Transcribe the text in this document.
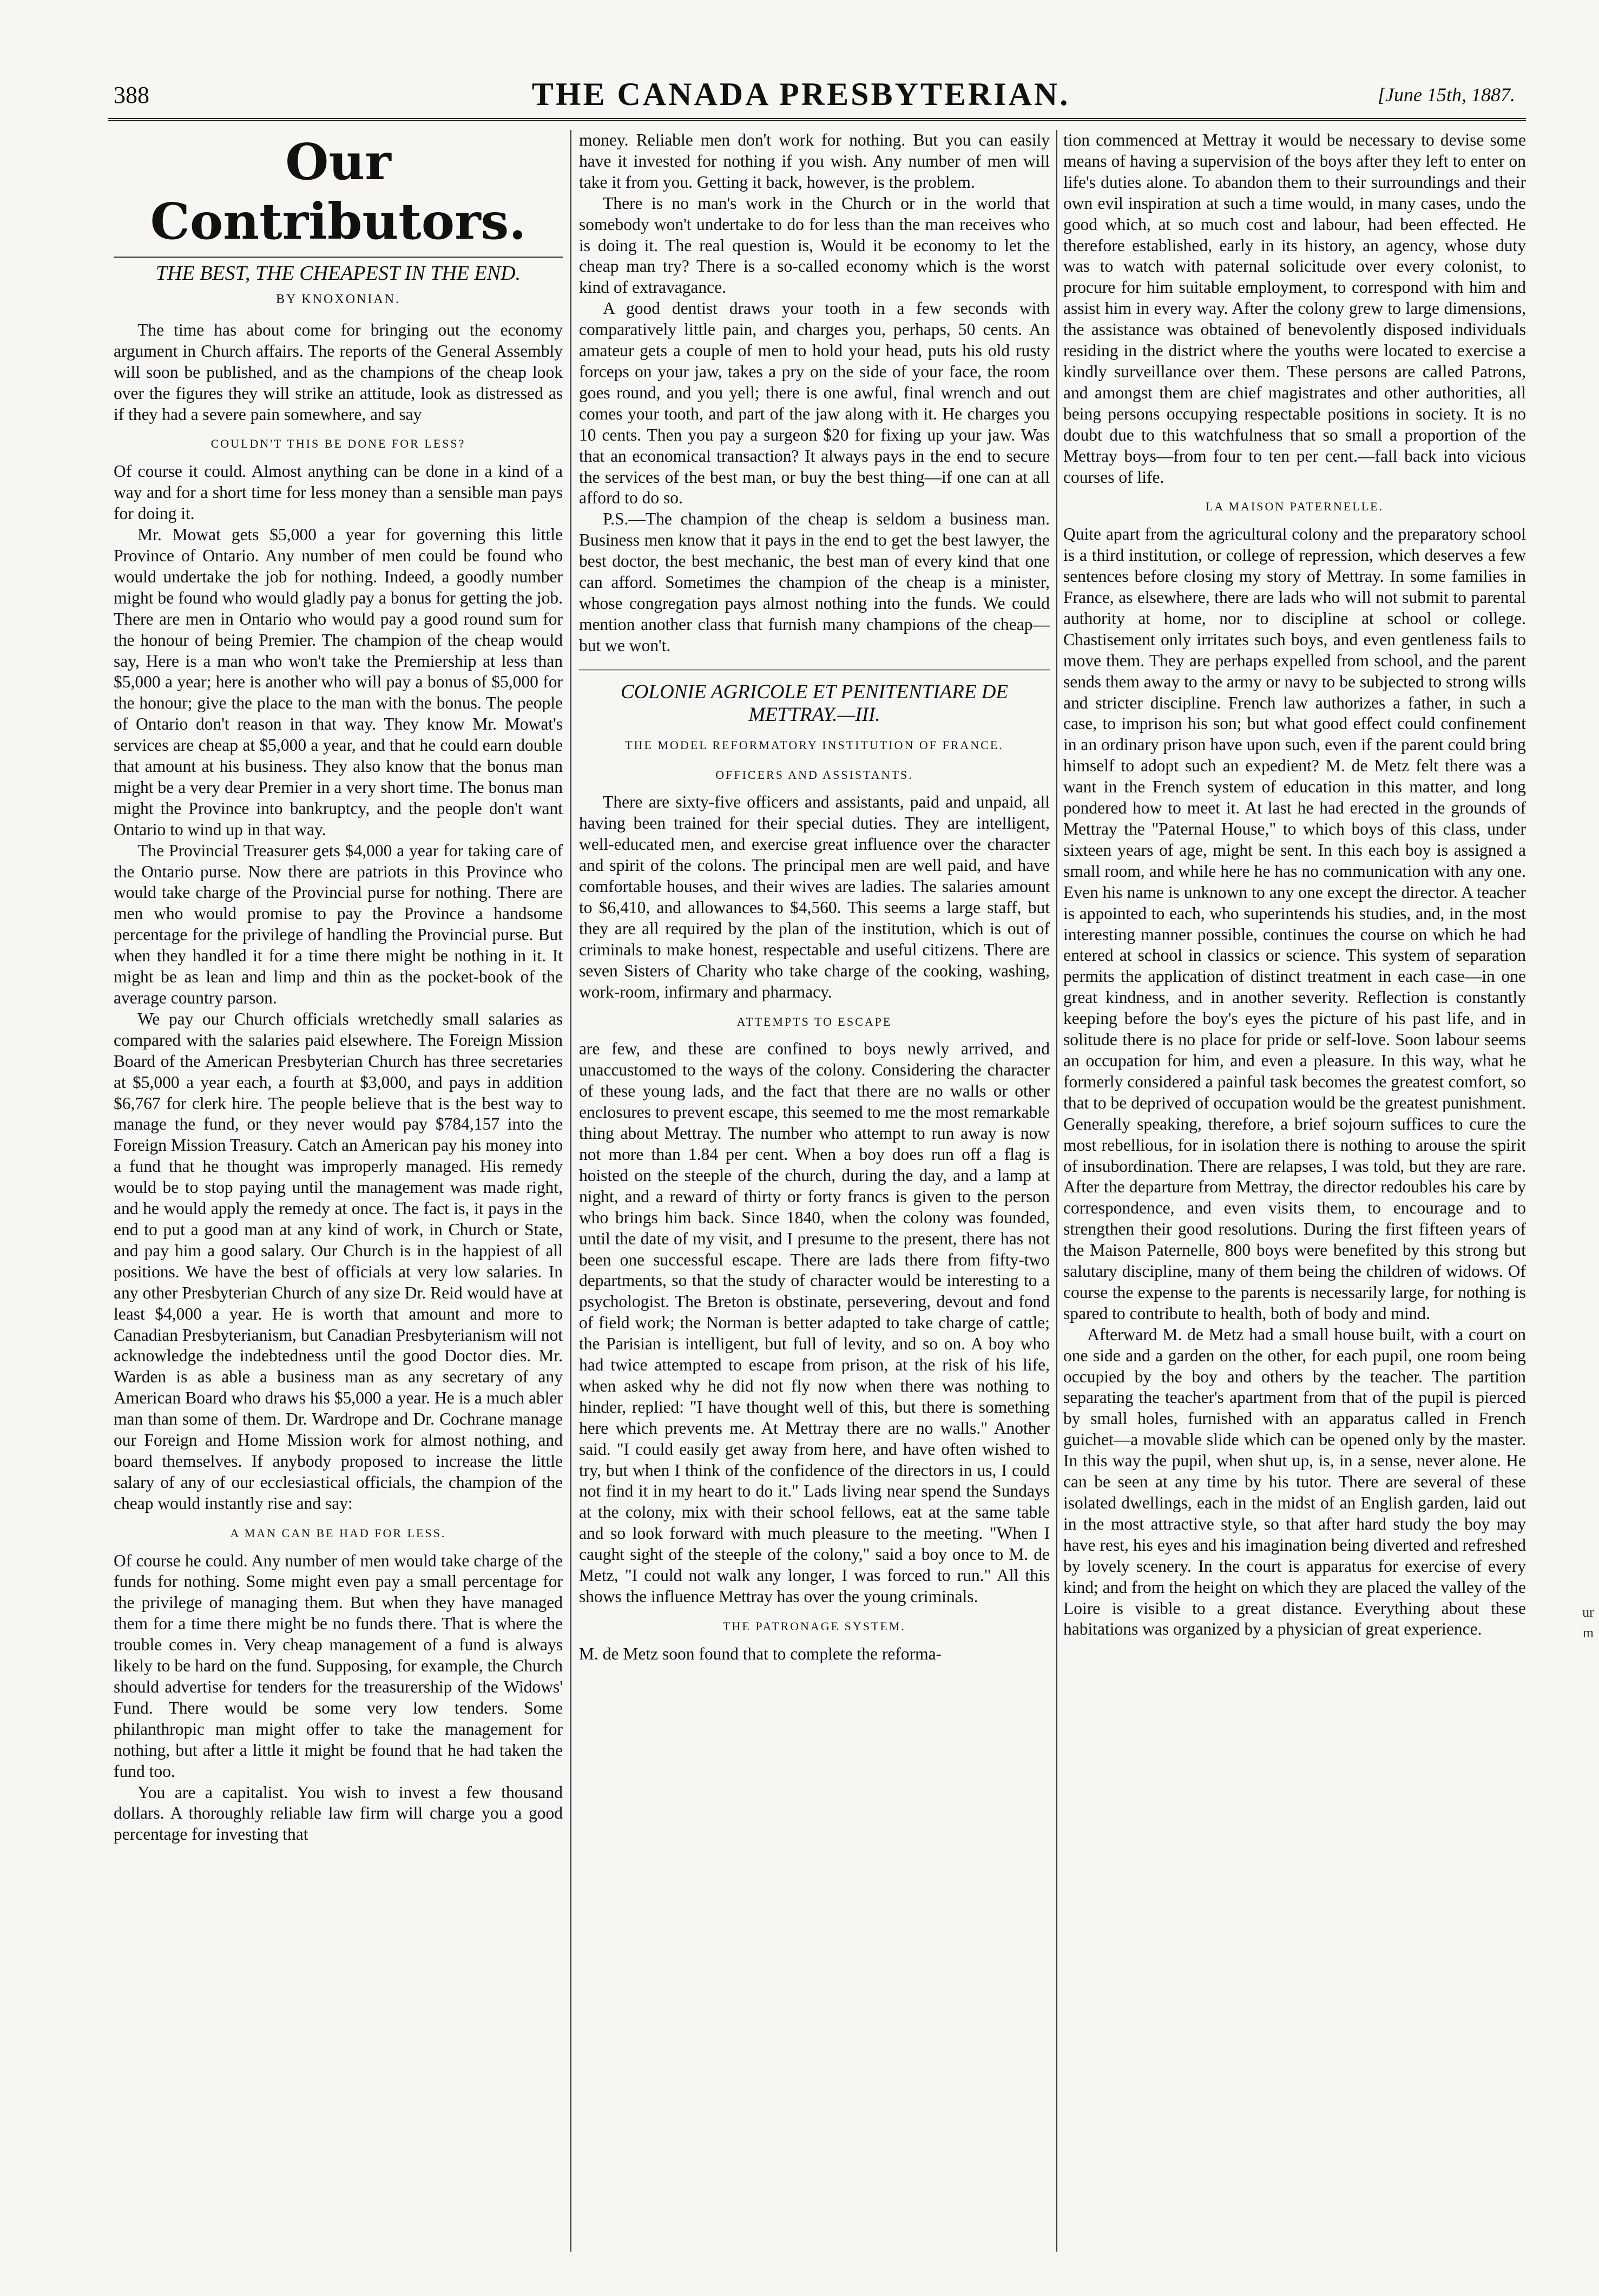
388	THE CANADA PRESBYTERIAN.	[June 15th, 1887.
Our Contributors.
THE BEST, THE CHEAPEST IN THE END.
BY KNOXONIAN.

The time has about come for bringing out the economy argument in Church affairs. The reports of the General Assembly will soon be published, and as the champions of the cheap look over the figures they will strike an attitude, look as distressed as if they had a severe pain somewhere, and say

COULDN'T THIS BE DONE FOR LESS?

Of course it could. Almost anything can be done in a kind of a way and for a short time for less money than a sensible man pays for doing it.

Mr. Mowat gets $5,000 a year for governing this little Province of Ontario. Any number of men could be found who would undertake the job for nothing. Indeed, a goodly number might be found who would gladly pay a bonus for getting the job. There are men in Ontario who would pay a good round sum for the honour of being Premier. The champion of the cheap would say, Here is a man who won't take the Premiership at less than $5,000 a year; here is another who will pay a bonus of $5,000 for the honour; give the place to the man with the bonus. The people of Ontario don't reason in that way. They know Mr. Mowat's services are cheap at $5,000 a year, and that he could earn double that amount at his business. They also know that the bonus man might be a very dear Premier in a very short time. The bonus man might the Province into bankruptcy, and the people don't want Ontario to wind up in that way.

The Provincial Treasurer gets $4,000 a year for taking care of the Ontario purse. Now there are patriots in this Province who would take charge of the Provincial purse for nothing. There are men who would promise to pay the Province a handsome percentage for the privilege of handling the Provincial purse. But when they handled it for a time there might be nothing in it. It might be as lean and limp and thin as the pocket-book of the average country parson.

We pay our Church officials wretchedly small salaries as compared with the salaries paid elsewhere. The Foreign Mission Board of the American Presbyterian Church has three secretaries at $5,000 a year each, a fourth at $3,000, and pays in addition $6,767 for clerk hire. The people believe that is the best way to manage the fund, or they never would pay $784,157 into the Foreign Mission Treasury. Catch an American pay his money into a fund that he thought was improperly managed. His remedy would be to stop paying until the management was made right, and he would apply the remedy at once. The fact is, it pays in the end to put a good man at any kind of work, in Church or State, and pay him a good salary. Our Church is in the happiest of all positions. We have the best of officials at very low salaries. In any other Presbyterian Church of any size Dr. Reid would have at least $4,000 a year. He is worth that amount and more to Canadian Presbyterianism, but Canadian Presbyterianism will not acknowledge the indebtedness until the good Doctor dies. Mr. Warden is as able a business man as any secretary of any American Board who draws his $5,000 a year. He is a much abler man than some of them. Dr. Wardrope and Dr. Cochrane manage our Foreign and Home Mission work for almost nothing, and board themselves. If anybody proposed to increase the little salary of any of our ecclesiastical officials, the champion of the cheap would instantly rise and say:

A MAN CAN BE HAD FOR LESS.

Of course he could. Any number of men would take charge of the funds for nothing. Some might even pay a small percentage for the privilege of managing them. But when they have managed them for a time there might be no funds there. That is where the trouble comes in. Very cheap management of a fund is always likely to be hard on the fund. Supposing, for example, the Church should advertise for tenders for the treasurership of the Widows' Fund. There would be some very low tenders. Some philanthropic man might offer to take the management for nothing, but after a little it might be found that he had taken the fund too.

You are a capitalist. You wish to invest a few thousand dollars. A thoroughly reliable law firm will charge you a good percentage for investing that

money. Reliable men don't work for nothing. But you can easily have it invested for nothing if you wish. Any number of men will take it from you. Getting it back, however, is the problem.

There is no man's work in the Church or in the world that somebody won't undertake to do for less than the man receives who is doing it. The real question is, Would it be economy to let the cheap man try? There is a so-called economy which is the worst kind of extravagance.

A good dentist draws your tooth in a few seconds with comparatively little pain, and charges you, perhaps, 50 cents. An amateur gets a couple of men to hold your head, puts his old rusty forceps on your jaw, takes a pry on the side of your face, the room goes round, and you yell; there is one awful, final wrench and out comes your tooth, and part of the jaw along with it. He charges you 10 cents. Then you pay a surgeon $20 for fixing up your jaw. Was that an economical transaction? It always pays in the end to secure the services of the best man, or buy the best thing—if one can at all afford to do so.

P.S.—The champion of the cheap is seldom a business man. Business men know that it pays in the end to get the best lawyer, the best doctor, the best mechanic, the best man of every kind that one can afford. Sometimes the champion of the cheap is a minister, whose congregation pays almost nothing into the funds. We could mention another class that furnish many champions of the cheap—but we won't.

COLONIE AGRICOLE ET PENITENTIARE DE METTRAY.—III.
THE MODEL REFORMATORY INSTITUTION OF FRANCE.
OFFICERS AND ASSISTANTS.

There are sixty-five officers and assistants, paid and unpaid, all having been trained for their special duties. They are intelligent, well-educated men, and exercise great influence over the character and spirit of the colons. The principal men are well paid, and have comfortable houses, and their wives are ladies. The salaries amount to $6,410, and allowances to $4,560. This seems a large staff, but they are all required by the plan of the institution, which is out of criminals to make honest, respectable and useful citizens. There are seven Sisters of Charity who take charge of the cooking, washing, work-room, infirmary and pharmacy.

ATTEMPTS TO ESCAPE

are few, and these are confined to boys newly arrived, and unaccustomed to the ways of the colony. Considering the character of these young lads, and the fact that there are no walls or other enclosures to prevent escape, this seemed to me the most remarkable thing about Mettray. The number who attempt to run away is now not more than 1.84 per cent. When a boy does run off a flag is hoisted on the steeple of the church, during the day, and a lamp at night, and a reward of thirty or forty francs is given to the person who brings him back. Since 1840, when the colony was founded, until the date of my visit, and I presume to the present, there has not been one successful escape. There are lads there from fifty-two departments, so that the study of character would be interesting to a psychologist. The Breton is obstinate, persevering, devout and fond of field work; the Norman is better adapted to take charge of cattle; the Parisian is intelligent, but full of levity, and so on. A boy who had twice attempted to escape from prison, at the risk of his life, when asked why he did not fly now when there was nothing to hinder, replied: "I have thought well of this, but there is something here which prevents me. At Mettray there are no walls." Another said. "I could easily get away from here, and have often wished to try, but when I think of the confidence of the directors in us, I could not find it in my heart to do it." Lads living near spend the Sundays at the colony, mix with their school fellows, eat at the same table and so look forward with much pleasure to the meeting. "When I caught sight of the steeple of the colony," said a boy once to M. de Metz, "I could not walk any longer, I was forced to run." All this shows the influence Mettray has over the young criminals.

THE PATRONAGE SYSTEM.

M. de Metz soon found that to complete the reforma-

tion commenced at Mettray it would be necessary to devise some means of having a supervision of the boys after they left to enter on life's duties alone. To abandon them to their surroundings and their own evil inspiration at such a time would, in many cases, undo the good which, at so much cost and labour, had been effected. He therefore established, early in its history, an agency, whose duty was to watch with paternal solicitude over every colonist, to procure for him suitable employment, to correspond with him and assist him in every way. After the colony grew to large dimensions, the assistance was obtained of benevolently disposed individuals residing in the district where the youths were located to exercise a kindly surveillance over them. These persons are called Patrons, and amongst them are chief magistrates and other authorities, all being persons occupying respectable positions in society. It is no doubt due to this watchfulness that so small a proportion of the Mettray boys—from four to ten per cent.—fall back into vicious courses of life.

LA MAISON PATERNELLE.

Quite apart from the agricultural colony and the preparatory school is a third institution, or college of repression, which deserves a few sentences before closing my story of Mettray. In some families in France, as elsewhere, there are lads who will not submit to parental authority at home, nor to discipline at school or college. Chastisement only irritates such boys, and even gentleness fails to move them. They are perhaps expelled from school, and the parent sends them away to the army or navy to be subjected to strong wills and stricter discipline. French law authorizes a father, in such a case, to imprison his son; but what good effect could confinement in an ordinary prison have upon such, even if the parent could bring himself to adopt such an expedient? M. de Metz felt there was a want in the French system of education in this matter, and long pondered how to meet it. At last he had erected in the grounds of Mettray the "Paternal House," to which boys of this class, under sixteen years of age, might be sent. In this each boy is assigned a small room, and while here he has no communication with any one. Even his name is unknown to any one except the director. A teacher is appointed to each, who superintends his studies, and, in the most interesting manner possible, continues the course on which he had entered at school in classics or science. This system of separation permits the application of distinct treatment in each case—in one great kindness, and in another severity. Reflection is constantly keeping before the boy's eyes the picture of his past life, and in solitude there is no place for pride or self-love. Soon labour seems an occupation for him, and even a pleasure. In this way, what he formerly considered a painful task becomes the greatest comfort, so that to be deprived of occupation would be the greatest punishment. Generally speaking, therefore, a brief sojourn suffices to cure the most rebellious, for in isolation there is nothing to arouse the spirit of insubordination. There are relapses, I was told, but they are rare. After the departure from Mettray, the director redoubles his care by correspondence, and even visits them, to encourage and to strengthen their good resolutions. During the first fifteen years of the Maison Paternelle, 800 boys were benefited by this strong but salutary discipline, many of them being the children of widows. Of course the expense to the parents is necessarily large, for nothing is spared to contribute to health, both of body and mind.

Afterward M. de Metz had a small house built, with a court on one side and a garden on the other, for each pupil, one room being occupied by the boy and others by the teacher. The partition separating the teacher's apartment from that of the pupil is pierced by small holes, furnished with an apparatus called in French guichet—a movable slide which can be opened only by the master. In this way the pupil, when shut up, is, in a sense, never alone. He can be seen at any time by his tutor. There are several of these isolated dwellings, each in the midst of an English garden, laid out in the most attractive style, so that after hard study the boy may have rest, his eyes and his imagination being diverted and refreshed by lovely scenery. In the court is apparatus for exercise of every kind; and from the height on which they are placed the valley of the Loire is visible to a great distance. Everything about these habitations was organized by a physician of great experience.

ur
m
